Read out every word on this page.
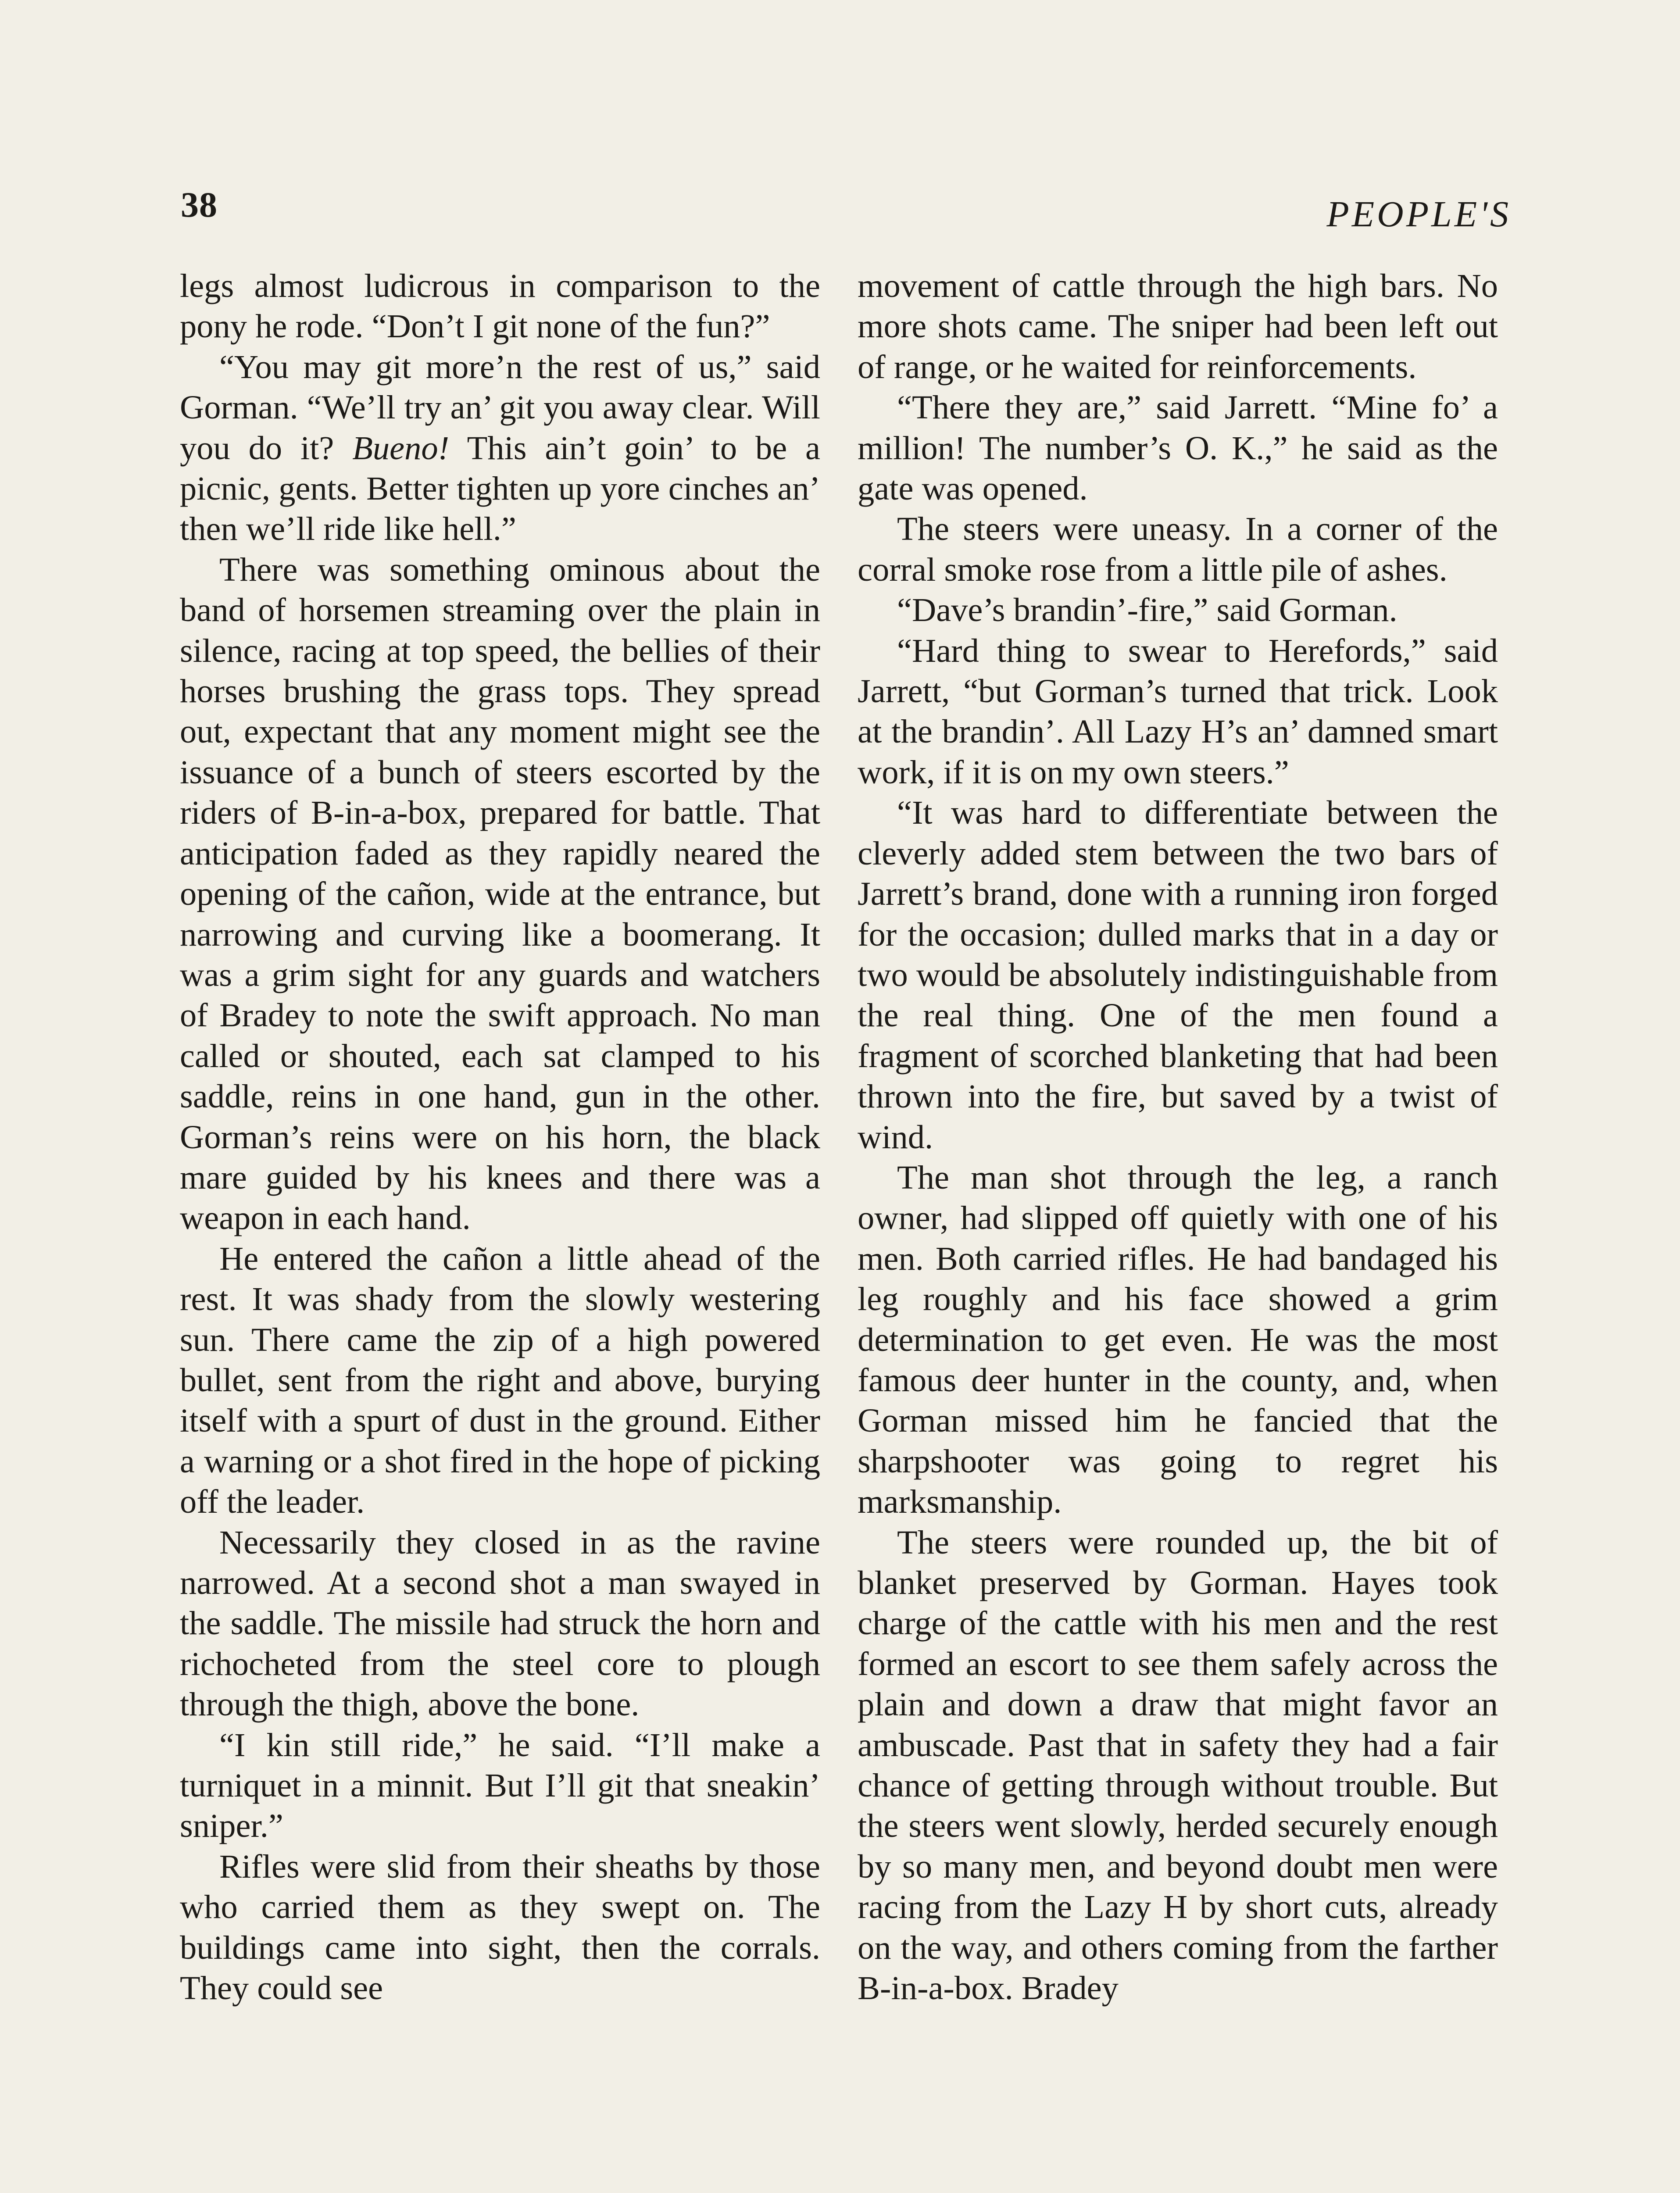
38	PEOPLE'S

legs almost ludicrous in comparison to the pony he rode. “Don’t I git none of the fun?”

“You may git more’n the rest of us,” said Gorman. “We’ll try an’ git you away clear. Will you do it? Bueno! This ain’t goin’ to be a picnic, gents. Better tighten up yore cinches an’ then we’ll ride like hell.”

There was something ominous about the band of horsemen streaming over the plain in silence, racing at top speed, the bellies of their horses brushing the grass tops. They spread out, expectant that any moment might see the issuance of a bunch of steers escorted by the riders of B-in-a-box, prepared for battle. That anticipation faded as they rapidly neared the opening of the cañon, wide at the entrance, but narrowing and curving like a boomerang. It was a grim sight for any guards and watchers of Bradey to note the swift approach. No man called or shouted, each sat clamped to his saddle, reins in one hand, gun in the other. Gorman’s reins were on his horn, the black mare guided by his knees and there was a weapon in each hand.

He entered the cañon a little ahead of the rest. It was shady from the slowly westering sun. There came the zip of a high powered bullet, sent from the right and above, burying itself with a spurt of dust in the ground. Either a warning or a shot fired in the hope of picking off the leader.

Necessarily they closed in as the ravine narrowed. At a second shot a man swayed in the saddle. The missile had struck the horn and richocheted from the steel core to plough through the thigh, above the bone.

“I kin still ride,” he said. “I’ll make a turniquet in a minnit. But I’ll git that sneakin’ sniper.”

Rifles were slid from their sheaths by those who carried them as they swept on. The buildings came into sight, then the corrals. They could see

movement of cattle through the high bars. No more shots came. The sniper had been left out of range, or he waited for reinforcements.

“There they are,” said Jarrett. “Mine fo’ a million! The number’s O. K.,” he said as the gate was opened.

The steers were uneasy. In a corner of the corral smoke rose from a little pile of ashes.

“Dave’s brandin’-fire,” said Gorman.

“Hard thing to swear to Herefords,” said Jarrett, “but Gorman’s turned that trick. Look at the brandin’. All Lazy H’s an’ damned smart work, if it is on my own steers.”

“It was hard to differentiate between the cleverly added stem between the two bars of Jarrett’s brand, done with a running iron forged for the occasion; dulled marks that in a day or two would be absolutely indistinguishable from the real thing. One of the men found a fragment of scorched blanketing that had been thrown into the fire, but saved by a twist of wind.

The man shot through the leg, a ranch owner, had slipped off quietly with one of his men. Both carried rifles. He had bandaged his leg roughly and his face showed a grim determination to get even. He was the most famous deer hunter in the county, and, when Gorman missed him he fancied that the sharpshooter was going to regret his marksmanship.

The steers were rounded up, the bit of blanket preserved by Gorman. Hayes took charge of the cattle with his men and the rest formed an escort to see them safely across the plain and down a draw that might favor an ambuscade. Past that in safety they had a fair chance of getting through without trouble. But the steers went slowly, herded securely enough by so many men, and beyond doubt men were racing from the Lazy H by short cuts, already on the way, and others coming from the farther B-in-a-box. Bradey
